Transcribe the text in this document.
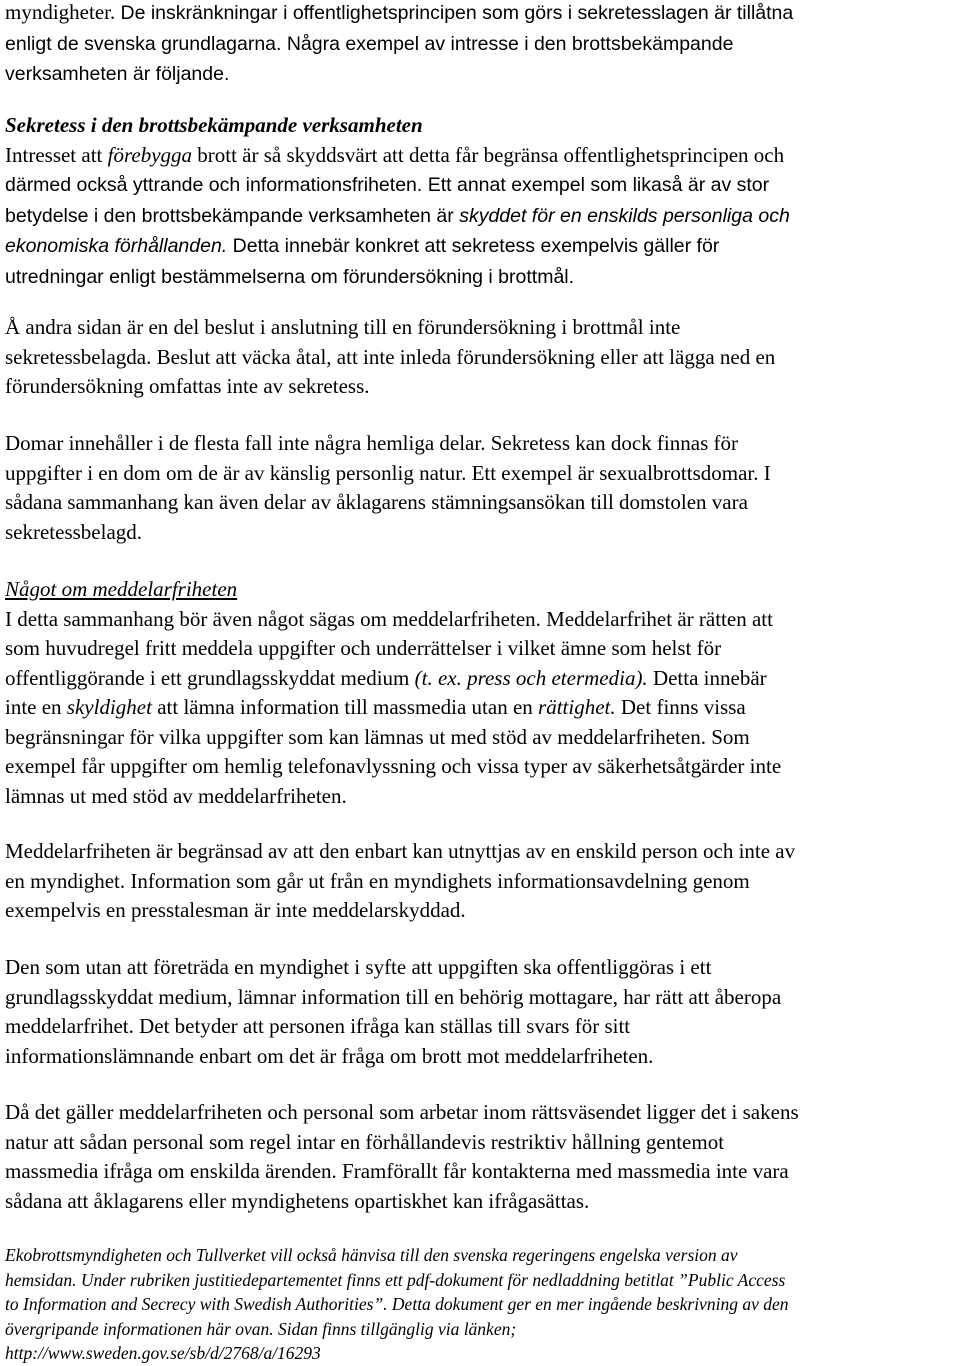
myndigheter. De inskränkningar i offentlighetsprincipen som görs i sekretesslagen är tillåtna
enligt de svenska grundlagarna. Några exempel av intresse i den brottsbekämpande
verksamheten är följande.

Sekretess i den brottsbekämpande verksamheten

Intresset att förebygga brott är så skyddsvärt att detta får begränsa offentlighetsprincipen och
därmed också yttrande och informationsfriheten. Ett annat exempel som likaså är av stor
betydelse i den brottsbekämpande verksamheten är skyddet för en enskilds personliga och
ekonomiska förhållanden. Detta innebär konkret att sekretess exempelvis gäller för
utredningar enligt bestämmelserna om förundersökning i brottmål.

Å andra sidan är en del beslut i anslutning till en förundersökning i brottmål inte
sekretessbelagda. Beslut att väcka åtal, att inte inleda förundersökning eller att lägga ned en
förundersökning omfattas inte av sekretess.

Domar innehåller i de flesta fall inte några hemliga delar. Sekretess kan dock finnas för
uppgifter i en dom om de är av känslig personlig natur. Ett exempel är sexualbrottsdomar. I
sådana sammanhang kan även delar av åklagarens stämningsansökan till domstolen vara
sekretessbelagd.

Något om meddelarfriheten

I detta sammanhang bör även något sägas om meddelarfriheten. Meddelarfrihet är rätten att
som huvudregel fritt meddela uppgifter och underrättelser i vilket ämne som helst för
offentliggörande i ett grundlagsskyddat medium (t. ex. press och etermedia). Detta innebär
inte en skyldighet att lämna information till massmedia utan en rättighet. Det finns vissa
begränsningar för vilka uppgifter som kan lämnas ut med stöd av meddelarfriheten. Som
exempel får uppgifter om hemlig telefonavlyssning och vissa typer av säkerhetsåtgärder inte
lämnas ut med stöd av meddelarfriheten.

Meddelarfriheten är begränsad av att den enbart kan utnyttjas av en enskild person och inte av
en myndighet. Information som går ut från en myndighets informationsavdelning genom
exempelvis en presstalesman är inte meddelarskyddad.

Den som utan att företräda en myndighet i syfte att uppgiften ska offentliggöras i ett
grundlagsskyddat medium, lämnar information till en behörig mottagare, har rätt att åberopa
meddelarfrihet. Det betyder att personen ifråga kan ställas till svars för sitt
informationslämnande enbart om det är fråga om brott mot meddelarfriheten.

Då det gäller meddelarfriheten och personal som arbetar inom rättsväsendet ligger det i sakens
natur att sådan personal som regel intar en förhållandevis restriktiv hållning gentemot
massmedia ifråga om enskilda ärenden. Framförallt får kontakterna med massmedia inte vara
sådana att åklagarens eller myndighetens opartiskhet kan ifrågasättas.

Ekobrottsmyndigheten och Tullverket vill också hänvisa till den svenska regeringens engelska version av
hemsidan. Under rubriken justitiedepartementet finns ett pdf-dokument för nedladdning betitlat ”Public Access
to Information and Secrecy with Swedish Authorities”. Detta dokument ger en mer ingående beskrivning av den
övergripande informationen här ovan. Sidan finns tillgänglig via länken;
http://www.sweden.gov.se/sb/d/2768/a/16293
